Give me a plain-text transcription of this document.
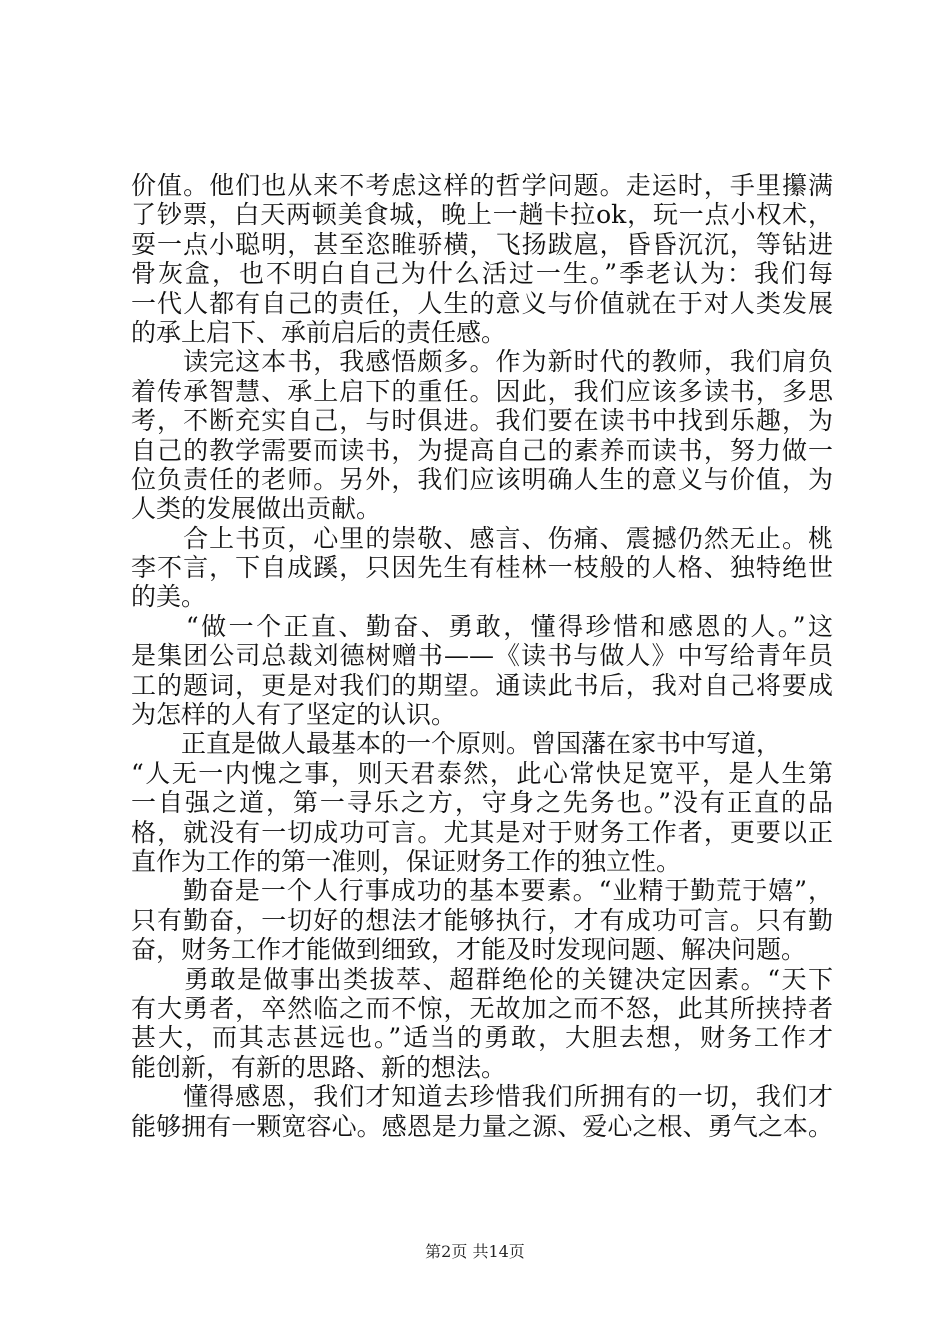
价值。他们也从来不考虑这样的哲学问题。走运时，手里攥满
了钞票，白天两顿美食城，晚上一趟卡拉ok，玩一点小权术，
耍一点小聪明，甚至恣睢骄横，飞扬跋扈，昏昏沉沉，等钻进
骨灰盒，也不明白自己为什么活过一生。”季老认为：我们每
一代人都有自己的责任，人生的意义与价值就在于对人类发展
的承上启下、承前启后的责任感。
　　读完这本书，我感悟颇多。作为新时代的教师，我们肩负
着传承智慧、承上启下的重任。因此，我们应该多读书，多思
考，不断充实自己，与时俱进。我们要在读书中找到乐趣，为
自己的教学需要而读书，为提高自己的素养而读书，努力做一
位负责任的老师。另外，我们应该明确人生的意义与价值，为
人类的发展做出贡献。
　　合上书页，心里的崇敬、感言、伤痛、震撼仍然无止。桃
李不言，下自成蹊，只因先生有桂林一枝般的人格、独特绝世
的美。
　　“做一个正直、勤奋、勇敢，懂得珍惜和感恩的人。”这
是集团公司总裁刘德树赠书——《读书与做人》中写给青年员
工的题词，更是对我们的期望。通读此书后，我对自己将要成
为怎样的人有了坚定的认识。
　　正直是做人最基本的一个原则。曾国藩在家书中写道，
“人无一内愧之事，则天君泰然，此心常快足宽平，是人生第
一自强之道，第一寻乐之方，守身之先务也。”没有正直的品
格，就没有一切成功可言。尤其是对于财务工作者，更要以正
直作为工作的第一准则，保证财务工作的独立性。
　　勤奋是一个人行事成功的基本要素。“业精于勤荒于嬉”，
只有勤奋，一切好的想法才能够执行，才有成功可言。只有勤
奋，财务工作才能做到细致，才能及时发现问题、解决问题。
　　勇敢是做事出类拔萃、超群绝伦的关键决定因素。“天下
有大勇者，卒然临之而不惊，无故加之而不怒，此其所挟持者
甚大，而其志甚远也。”适当的勇敢，大胆去想，财务工作才
能创新，有新的思路、新的想法。
　　懂得感恩，我们才知道去珍惜我们所拥有的一切，我们才
能够拥有一颗宽容心。感恩是力量之源、爱心之根、勇气之本。
第2页 共14页
